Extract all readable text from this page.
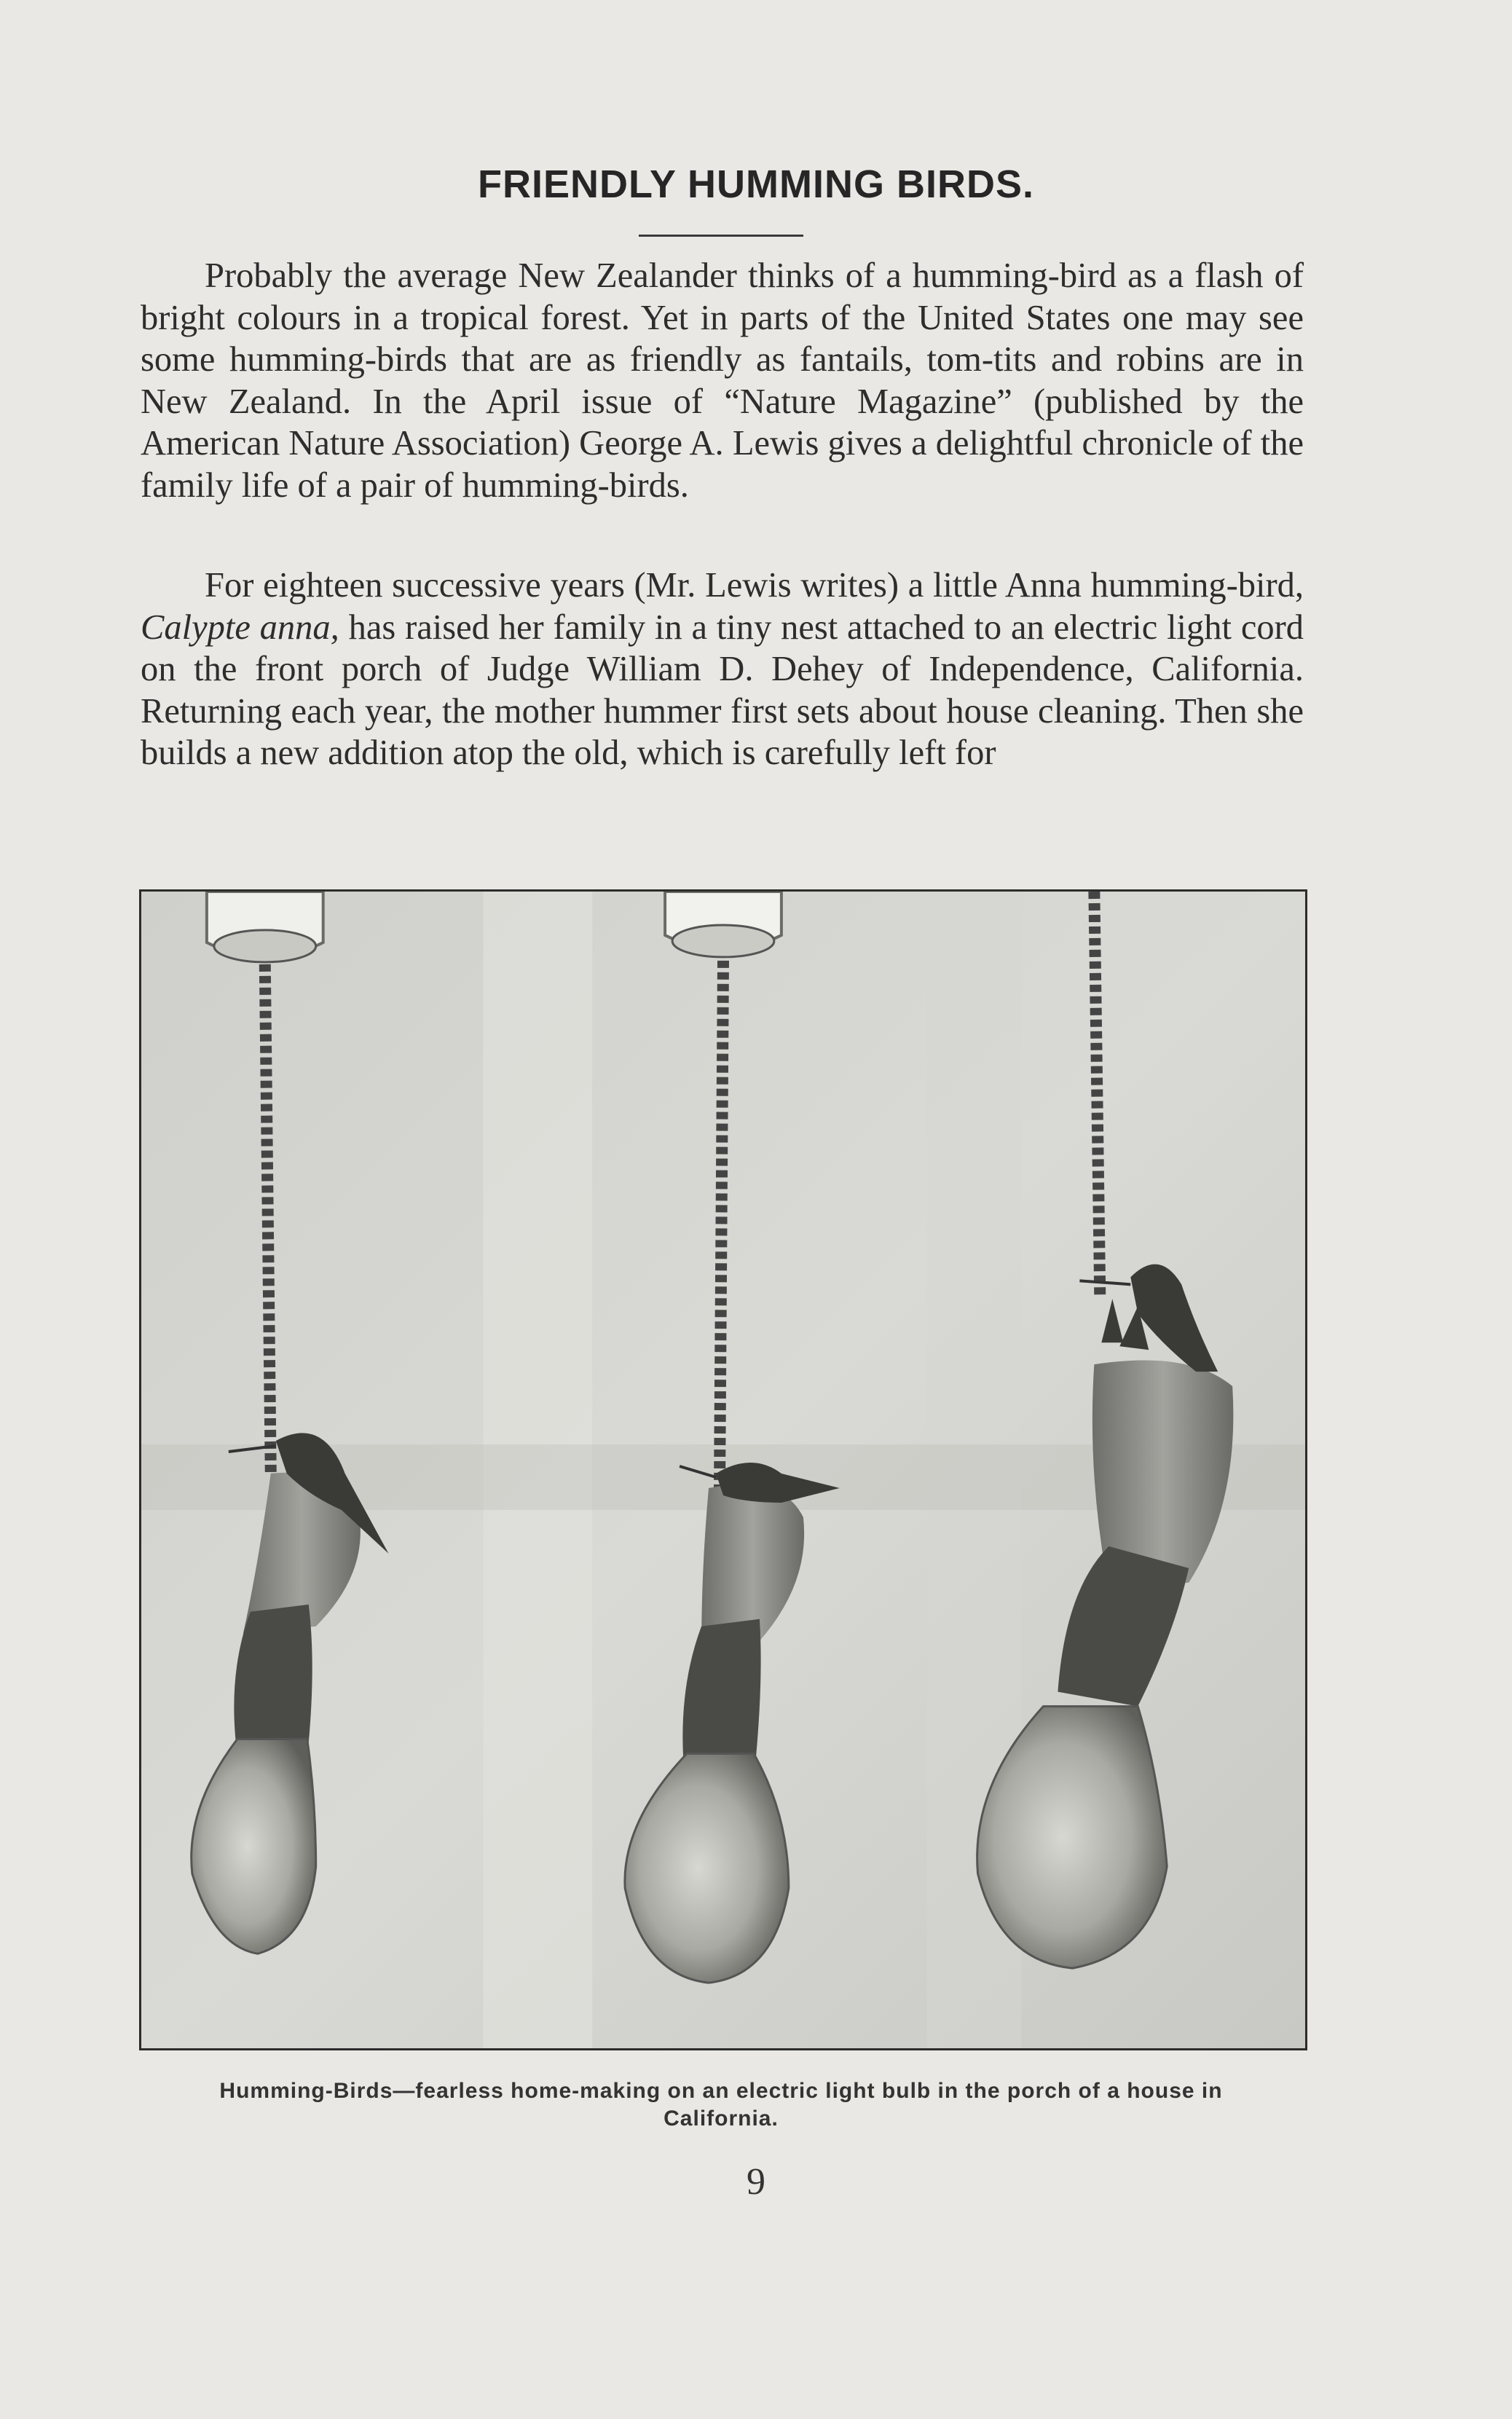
FRIENDLY HUMMING BIRDS.

Probably the average New Zealander thinks of a humming-bird as a flash of bright colours in a tropical forest. Yet in parts of the United States one may see some humming-birds that are as friendly as fantails, tom-tits and robins are in New Zealand. In the April issue of “Nature Magazine” (published by the American Nature Association) George A. Lewis gives a delightful chronicle of the family life of a pair of humming-birds.

For eighteen successive years (Mr. Lewis writes) a little Anna humming-bird, Calypte anna, has raised her family in a tiny nest attached to an electric light cord on the front porch of Judge William D. Dehey of Independence, California. Returning each year, the mother hummer first sets about house cleaning. Then she builds a new addition atop the old, which is carefully left for

Humming-Birds—fearless home-making on an electric light bulb in the porch of a house in California.
9
